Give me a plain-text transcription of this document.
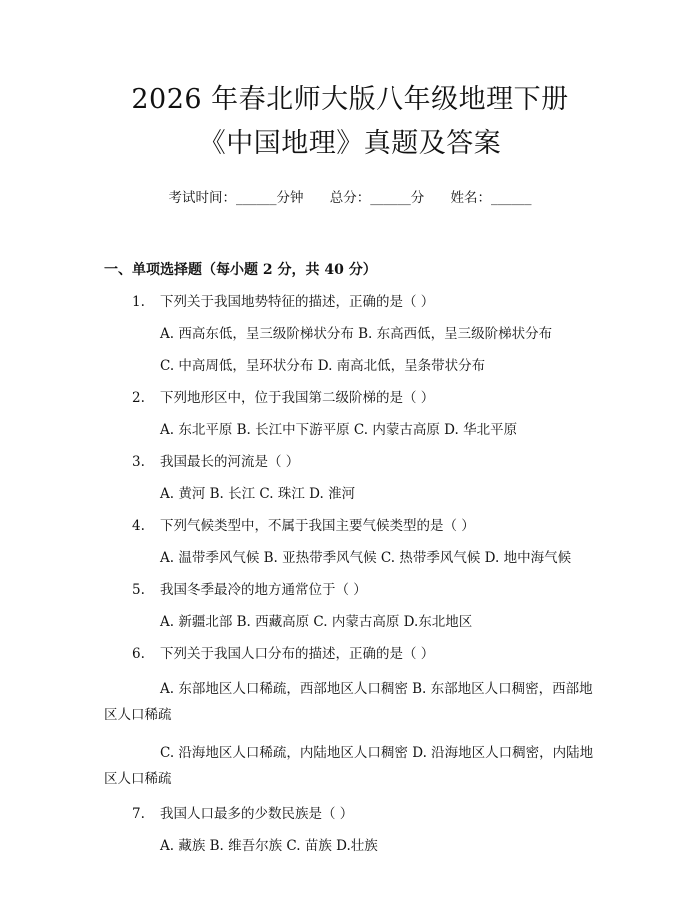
2026 年春北师大版八年级地理下册《中国地理》真题及答案
考试时间：______分钟 总分：______分 姓名：______
一、单项选择题（每小题 2 分，共 40 分）
1.	下列关于我国地势特征的描述，正确的是（ ）
A. 西高东低，呈三级阶梯状分布 B. 东高西低，呈三级阶梯状分布
C. 中高周低，呈环状分布 D. 南高北低，呈条带状分布
2.	下列地形区中，位于我国第二级阶梯的是（ ）
A. 东北平原 B. 长江中下游平原 C. 内蒙古高原 D. 华北平原
3.	我国最长的河流是（ ）
A. 黄河 B. 长江 C. 珠江 D. 淮河
4.	下列气候类型中，不属于我国主要气候类型的是（ ）
A. 温带季风气候 B. 亚热带季风气候 C. 热带季风气候 D. 地中海气候
5.	我国冬季最冷的地方通常位于（ ）
A. 新疆北部 B. 西藏高原 C. 内蒙古高原 D.东北地区
6.	下列关于我国人口分布的描述，正确的是（ ）
A. 东部地区人口稀疏，西部地区人口稠密 B. 东部地区人口稠密，西部地区人口稀疏
C. 沿海地区人口稀疏，内陆地区人口稠密 D. 沿海地区人口稠密，内陆地区人口稀疏
7.	我国人口最多的少数民族是（ ）
A. 藏族 B. 维吾尔族 C. 苗族 D.壮族
